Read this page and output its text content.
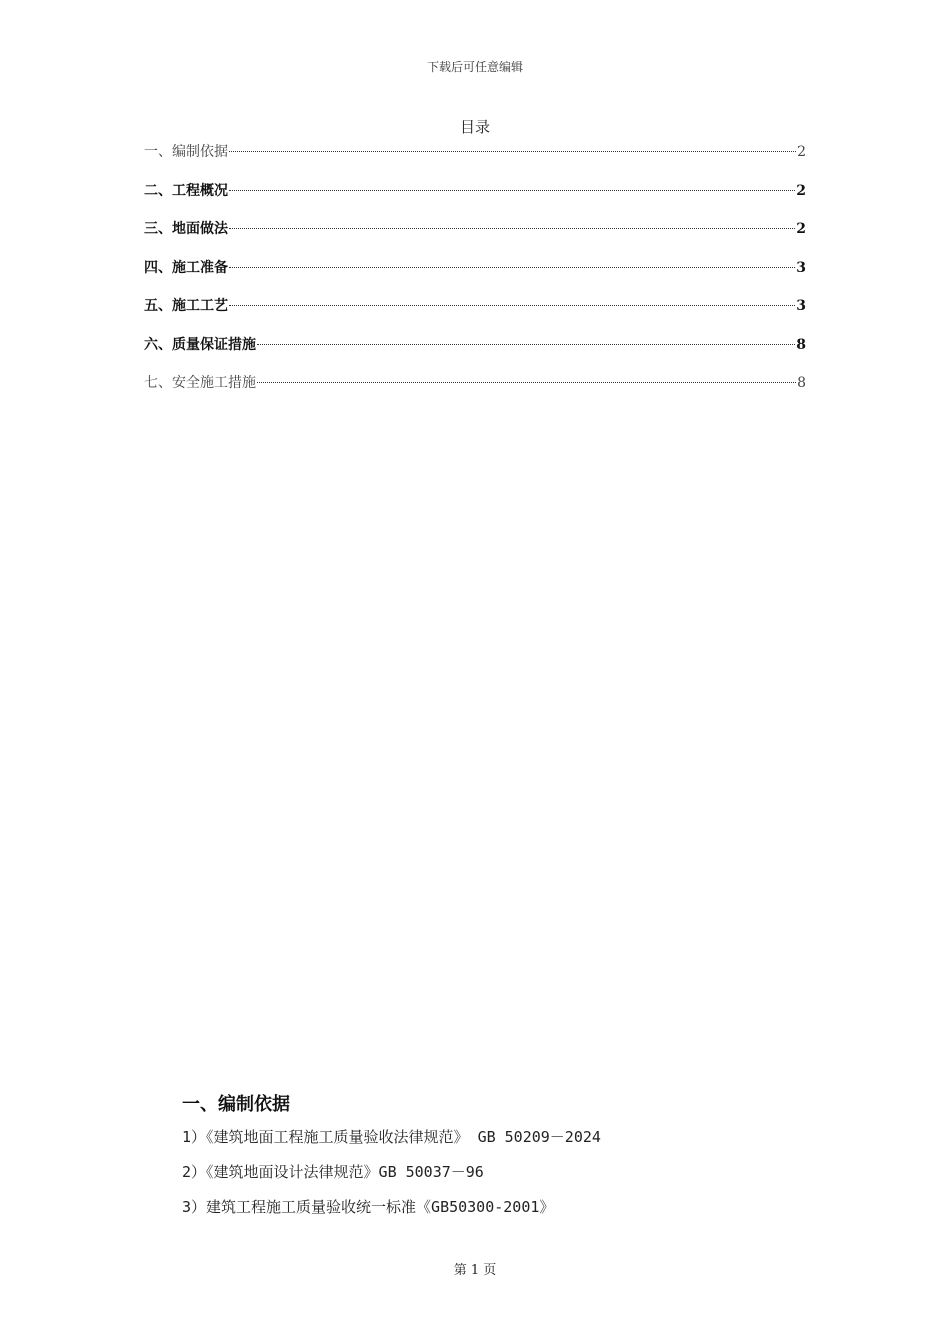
下载后可任意编辑
目录
一、编制依据	2
二、工程概况	2
三、地面做法	2
四、施工准备	3
五、施工工艺	3
六、质量保证措施	8
七、安全施工措施	8
一、编制依据
1）《建筑地面工程施工质量验收法律规范》 GB 50209－2024
2）《建筑地面设计法律规范》GB 50037－96
3）建筑工程施工质量验收统一标准《GB50300-2001》
第 1 页
